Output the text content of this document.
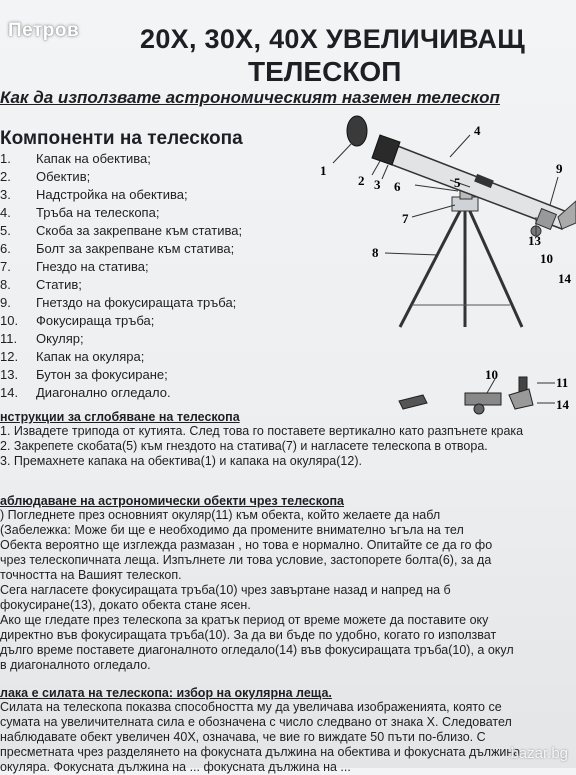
Петров 20X, 30X, 40X УВЕЛИЧИВАЩ
ТЕЛЕСКОП
Как да използвате астрономическият наземен телескоп
Компоненти на телескопа
1.	Капак на обектива;
2.	Обектив;
3.	Надстройка на обектива;
4.	Тръба на телескопа;
5.	Скоба за закрепване към статива;
6.	Болт за закрепване към статива;
7.	Гнездо на статива;
8.	Статив;
9.	Гнетздо на фокусиращата тръба;
10.	Фокусираща тръба;
11.	Окуляр;
12.	Капак на окуляра;
13.	Бутон за фокусиране;
14.	Диагонално огледало.
1
2 3
4
5
6
7
8
9
10
13
14
10
11
14
нструкции за сглобяване на телескопа
1. Извадете трипода от кутията. След това го поставете вертикално като разпънете крака
2. Закрепете скобата(5) към гнездото на статива(7) и нагласете телескопа в отвора.
3. Премахнете капака на обектива(1) и капака на окуляра(12).
аблюдаване на астрономически обекти чрез телескопа
) Погледнете през основният окуляр(11) към обекта, който желаете да набл
(Забележка: Може би ще е необходимо да промените внимателно ъгъла на тел
Обекта вероятно ще изглежда размазан , но това е нормално. Опитайте се да го фо
чрез телескопичната леща. Изпълнете ли това условие, застопорете болта(6), за да
точността на Вашият телескоп.
Сега нагласете фокусиращата тръба(10) чрез завъртане назад и напред на б
фокусиране(13), докато обекта стане ясен.
Ако ще гледате през телескопа за кратък период от време можете да поставите оку
директно във фокусиращата тръба(10). За да ви бъде по удобно, когато го използват
дълго време поставете диагоналното огледало(14) във фокусиращата тръба(10), а окул
в диагоналното огледало.
лака е силата на телескопа: избор на окулярна леща.
Силата на телескопа показва способността му да увеличава изображенията, която се
сумата на увеличителната сила е обозначена с число следвано от знака X. Следовател
наблюдавате обект увеличен 40X, означава, че вие го виждате 50 пъти по-близо. С
пресметната чрез разделянето на фокусната дължина на обектива и фокусната дължина
окуляра. Фокусната дължина на ... фокусната дължина на ...
bazar.bg
